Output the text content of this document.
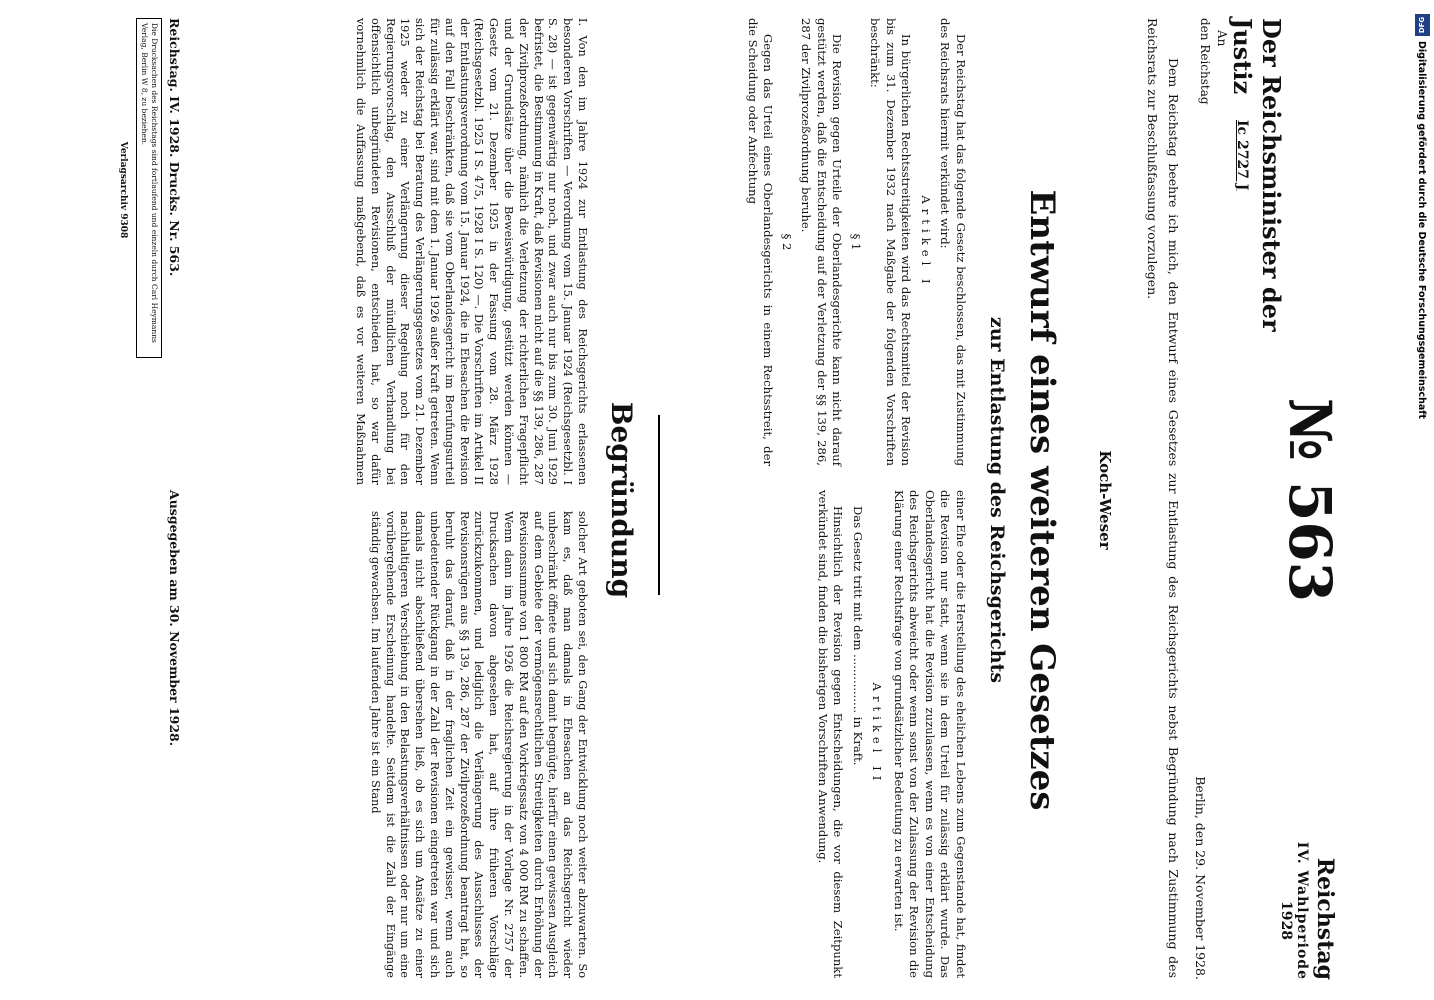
Reichstag
IV. Wahlperiode
1928
№ 563
Der Reichsminister der Justiz
Ic 2727 J
An
den Reichstag
Berlin, den 29. November 1928.
Dem Reichstag beehre ich mich, den Entwurf eines Gesetzes zur Entlastung des Reichsgerichts nebst Begründung nach Zustimmung des Reichsrats zur Beschlußfassung vorzulegen.
Koch-Weser
Entwurf eines weiteren Gesetzes
zur Entlastung des Reichsgerichts

Der Reichstag hat das folgende Gesetz beschlossen, das mit Zustimmung des Reichsrats hiermit verkündet wird:

Artikel I

In bürgerlichen Rechtsstreitigkeiten wird das Rechtsmittel der Revision bis zum 31. Dezember 1932 nach Maßgabe der folgenden Vorschriften beschränkt:

§ 1

Die Revision gegen Urteile der Oberlandesgerichte kann nicht darauf gestützt werden, daß die Entscheidung auf der Verletzung der §§ 139, 286, 287 der Zivilprozeßordnung beruhe.

§ 2

Gegen das Urteil eines Oberlandesgerichts in einem Rechtsstreit, der die Scheidung oder Anfechtung

einer Ehe oder die Herstellung des ehelichen Lebens zum Gegenstande hat, findet die Revision nur statt, wenn sie in dem Urteil für zulässig erklärt wurde. Das Oberlandesgericht hat die Revision zuzulassen, wenn es von einer Entscheidung des Reichsgerichts abweicht oder wenn sonst von der Zulassung der Revision die Klärung einer Rechtsfrage von grundsätzlicher Bedeutung zu erwarten ist.

Artikel II

Das Gesetz tritt mit dem ................ in Kraft.

Hinsichtlich der Revision gegen Entscheidungen, die vor diesem Zeitpunkt verkündet sind, finden die bisherigen Vorschriften Anwendung.

Begründung
I. Von den im Jahre 1924 zur Entlastung des Reichsgerichts erlassenen besonderen Vorschriften — Verordnung vom 15. Januar 1924 (Reichsgesetzbl. I S. 28) — ist gegenwärtig nur noch, und zwar auch nur bis zum 30. Juni 1929 befristet, die Bestimmung in Kraft, daß Revisionen nicht auf die §§ 139, 286, 287 der Zivilprozeßordnung, nämlich die Verletzung der richterlichen Fragepflicht und der Grundsätze über die Beweiswürdigung, gestützt werden können — Gesetz vom 21. Dezember 1925 in der Fassung vom 28. März 1928 (Reichsgesetzbl. 1925 I S. 475, 1928 I S. 120) —. Die Vorschriften im Artikel II der Entlastungsverordnung vom 15. Januar 1924, die in Ehesachen die Revision auf den Fall beschränkten, daß sie vom Oberlandesgericht im Berufungsurteil für zulässig erklärt war, sind mit dem 1. Januar 1926 außer Kraft getreten. Wenn sich der Reichstag bei Beratung des Verlängerungsgesetzes vom 21. Dezember 1925 weder zu einer Verlängerung dieser Regelung noch für den Regierungsvorschlag, den Ausschluß der mündlichen Verhandlung bei offensichtlich unbegründeten Revisionen, entschieden hat, so war dafür vornehmlich die Auffassung maßgebend, daß es vor weiteren Maßnahmen solcher Art geboten sei, den Gang der Entwicklung noch weiter abzuwarten. So kam es, daß man damals in Ehesachen an das Reichsgericht wieder unbeschränkt öffnete und sich damit begnügte, hierfür einen gewissen Ausgleich auf dem Gebiete der vermögensrechtlichen Streitigkeiten durch Erhöhung der Revisionssumme von 1 800 RM auf den Vorkriegssatz von 4 000 RM zu schaffen. Wenn dann im Jahre 1926 die Reichsregierung in der Vorlage Nr. 2757 der Drucksachen davon abgesehen hat, auf ihre früheren Vorschläge zurückzukommen, und lediglich die Verlängerung des Ausschlusses der Revisionsrügen aus §§ 139, 286, 287 der Zivilprozeßordnung beantragt hat, so beruht das darauf, daß in der fraglichen Zeit ein gewisser, wenn auch unbedeutender Rückgang in der Zahl der Revisionen eingetreten war und sich damals nicht abschließend übersehen ließ, ob es sich um Ansätze zu einer nachhaltigeren Verschiebung in den Belastungsverhältnissen oder nur um eine vorübergehende Erscheinung handelte. Seitdem ist die Zahl der Eingänge ständig gewachsen. Im laufenden Jahre ist ein Stand
Reichstag. IV. 1928. Drucks. Nr. 563.
Ausgegeben am 30. November 1928.
Die Drucksachen des Reichstags sind fortlaufend und einzeln durch Carl Heymanns Verlag, Berlin W 8, zu beziehen.
Verlagsarchiv 9308
DFG
Digitalisierung gefördert durch die Deutsche Forschungsgemeinschaft
